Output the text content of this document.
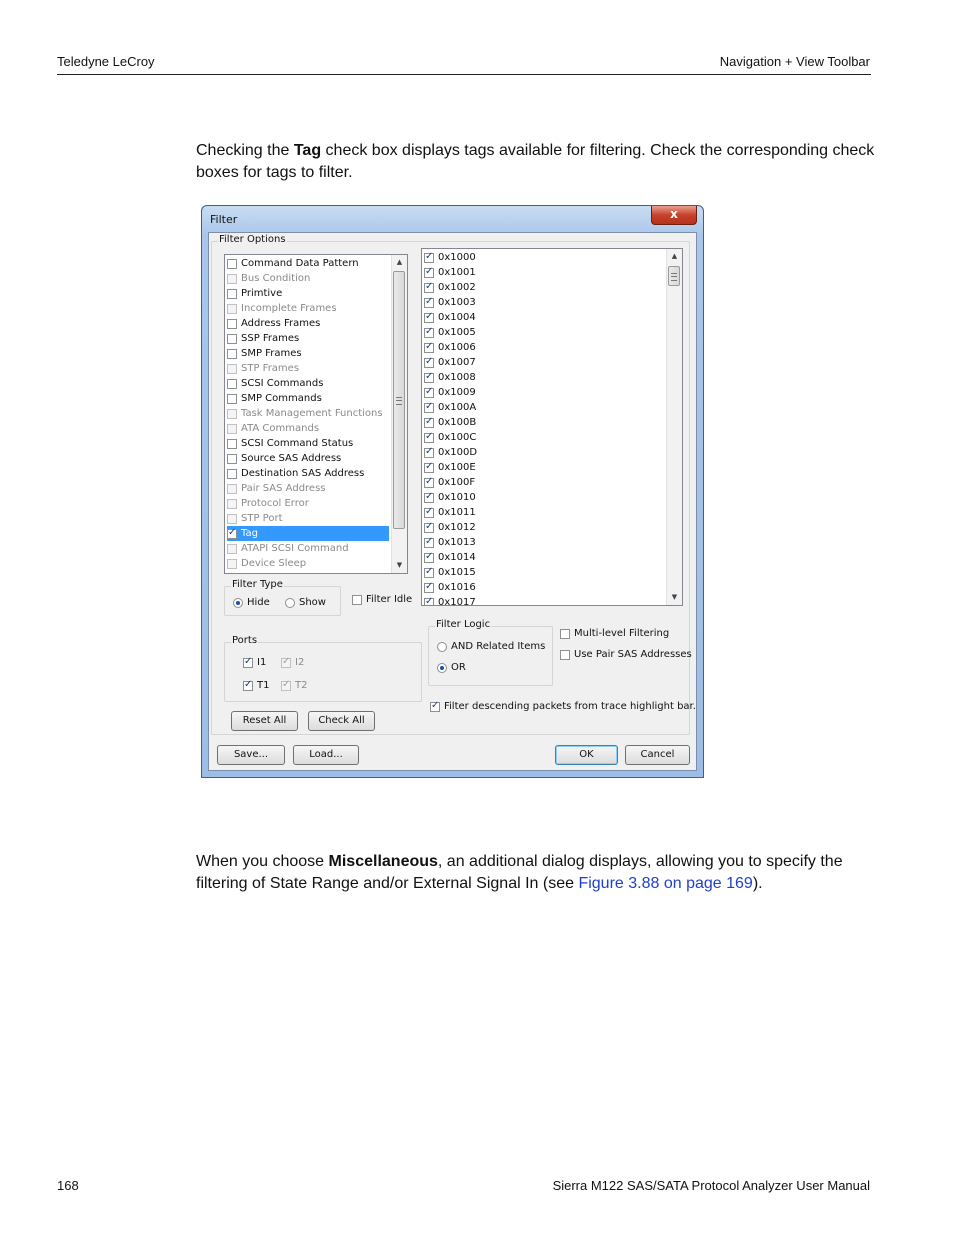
Teledyne LeCroy	Navigation + View Toolbar
Checking the Tag check box displays tags available for filtering. Check the corresponding check boxes for tags to filter.
Filter	x
Filter Options
Device Sleep
ATAPI SCSI Command
✓
Tag
STP Port
Protocol Error
Pair SAS Address
Destination SAS Address
Source SAS Address
SCSI Command Status
ATA Commands
Task Management Functions
SMP Commands
SCSI Commands
STP Frames
SMP Frames
SSP Frames
Address Frames
Incomplete Frames
Primtive
Bus Condition
Command Data Pattern	▲
▼
✓
0x1017
✓
0x1016
✓
0x1015
✓
0x1014
✓
0x1013
✓
0x1012
✓
0x1011
✓
0x1010
✓
0x100F
✓
0x100E
✓
0x100D
✓
0x100C
✓
0x100B
✓
0x100A
✓
0x1009
✓
0x1008
✓
0x1007
✓
0x1006
✓
0x1005
✓
0x1004
✓
0x1003
✓
0x1002
✓
0x1001
✓
0x1000	▲
▼
Filter Type
Hide	Show	Filter Idle
Ports
✓
I1 ✓	I2
✓
T1 ✓	T2
Filter Logic
AND Related Items
OR
Multi-level Filtering
Use Pair SAS Addresses
✓
Filter descending packets from trace highlight bar.
Reset All	Check All
Save...	Load...	OK	Cancel
When you choose Miscellaneous, an additional dialog displays, allowing you to specify the filtering of State Range and/or External Signal In (see Figure 3.88 on page 169).
168	Sierra M122 SAS/SATA Protocol Analyzer User Manual
